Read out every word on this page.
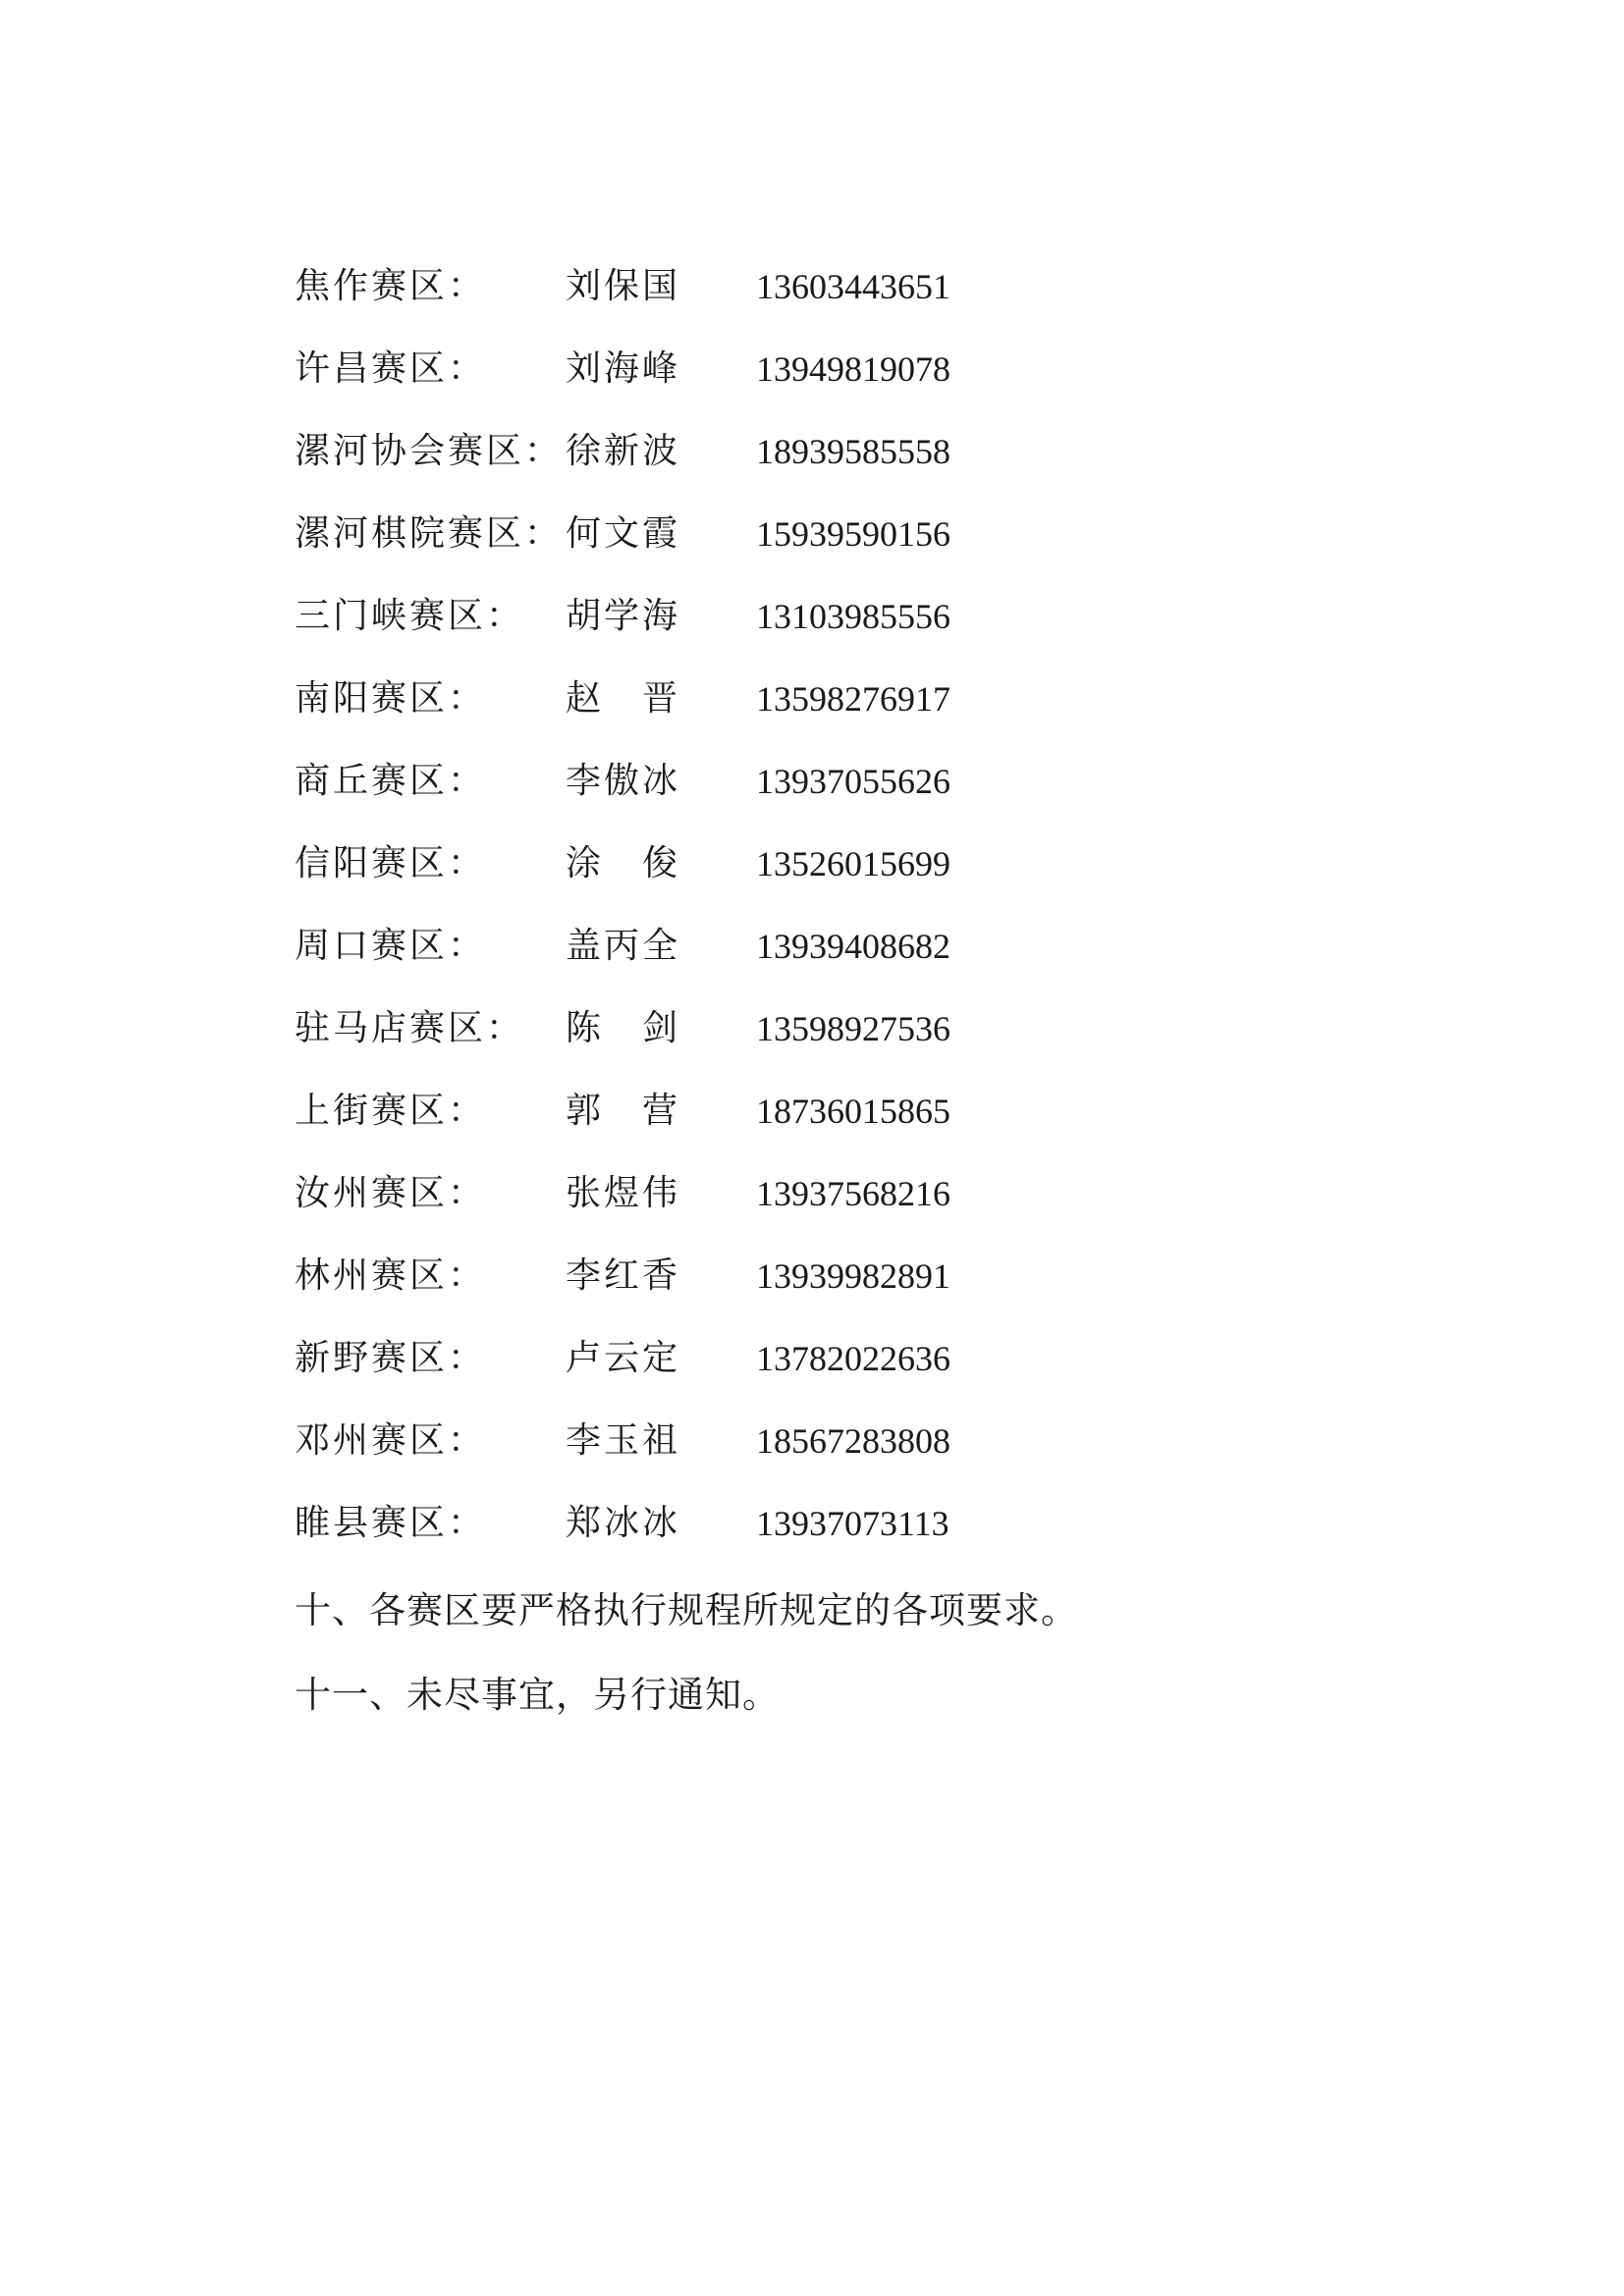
焦作赛区： 刘保国 13603443651
许昌赛区： 刘海峰 13949819078
漯河协会赛区： 徐新波 18939585558
漯河棋院赛区： 何文霞 15939590156
三门峡赛区： 胡学海 13103985556
南阳赛区： 赵晋 13598276917
商丘赛区： 李傲冰 13937055626
信阳赛区： 涂俊 13526015699
周口赛区： 盖丙全 13939408682
驻马店赛区： 陈剑 13598927536
上街赛区： 郭营 18736015865
汝州赛区： 张煜伟 13937568216
林州赛区： 李红香 13939982891
新野赛区： 卢云定 13782022636
邓州赛区： 李玉祖 18567283808
睢县赛区： 郑冰冰 13937073113

十、各赛区要严格执行规程所规定的各项要求。

十一、未尽事宜，另行通知。
